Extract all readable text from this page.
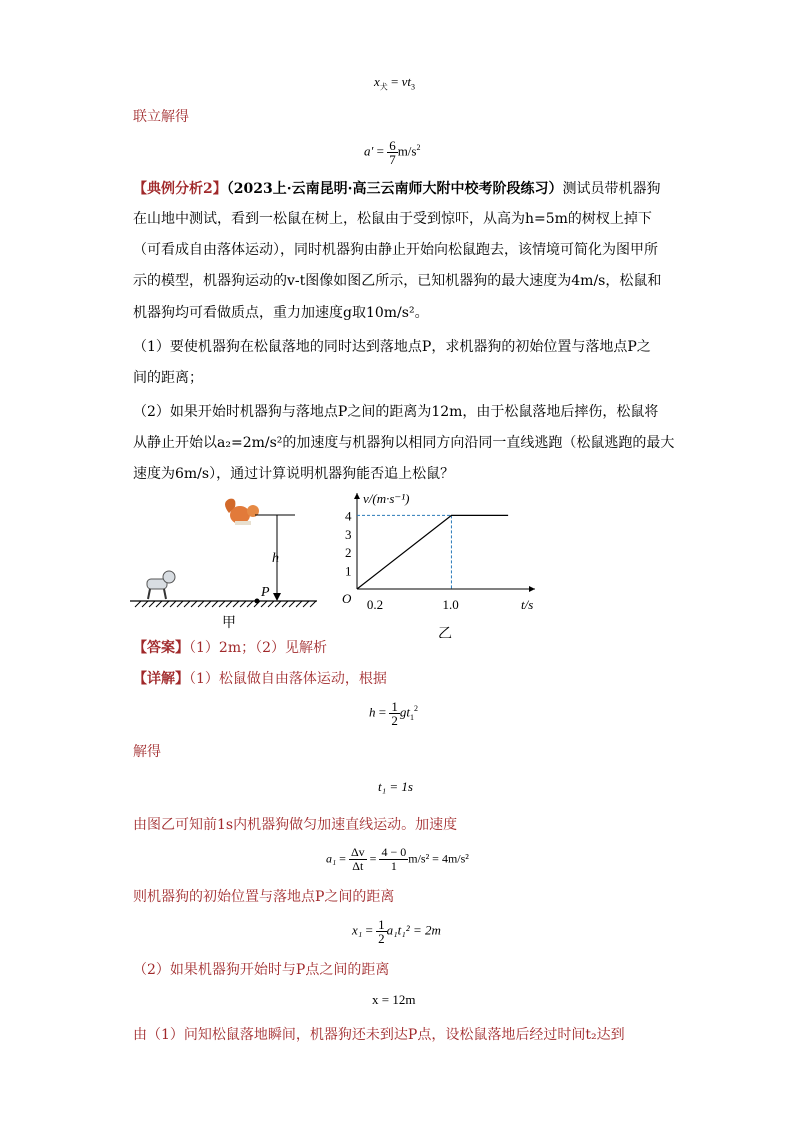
$x_犬 = vt_3$
联立解得
$a' = \frac{6}{7} m/s^2$
【典例分析2】（2023上·云南昆明·高三云南师大附中校考阶段练习）测试员带机器狗
在山地中测试，看到一松鼠在树上，松鼠由于受到惊吓，从高为h=5m的树杈上掉下
（可看成自由落体运动），同时机器狗由静止开始向松鼠跑去，该情境可简化为图甲所
示的模型，机器狗运动的v-t图像如图乙所示，已知机器狗的最大速度为4m/s，松鼠和
机器狗均可看做质点，重力加速度g取10m/s²。
（1）要使机器狗在松鼠落地的同时达到落地点P，求机器狗的初始位置与落地点P之
间的距离；
（2）如果开始时机器狗与落地点P之间的距离为12m，由于松鼠落地后摔伤，松鼠将
从静止开始以a₂=2m/s²的加速度与机器狗以相同方向沿同一直线逃跑（松鼠逃跑的最大
速度为6m/s），通过计算说明机器狗能否追上松鼠？
h
P
甲
v/(m·s⁻¹)
t/s
O
1
2
3
4
0.2	1.0
乙
【答案】（1）2m；（2）见解析
【详解】（1）松鼠做自由落体运动，根据
$h = \frac{1}{2} gt_1^2$
解得
t₁ = 1s
由图乙可知前1s内机器狗做匀加速直线运动。加速度
$a_1 = \frac{\Delta v}{\Delta t} = \frac{4 - 0}{1} m/s^2 = 4m/s^2$
则机器狗的初始位置与落地点P之间的距离
$x_1 = \frac{1}{2} a_1t_1^2 = 2m$
（2）如果机器狗开始时与P点之间的距离
x = 12m
由（1）问知松鼠落地瞬间，机器狗还未到达P点，设松鼠落地后经过时间t₂达到
